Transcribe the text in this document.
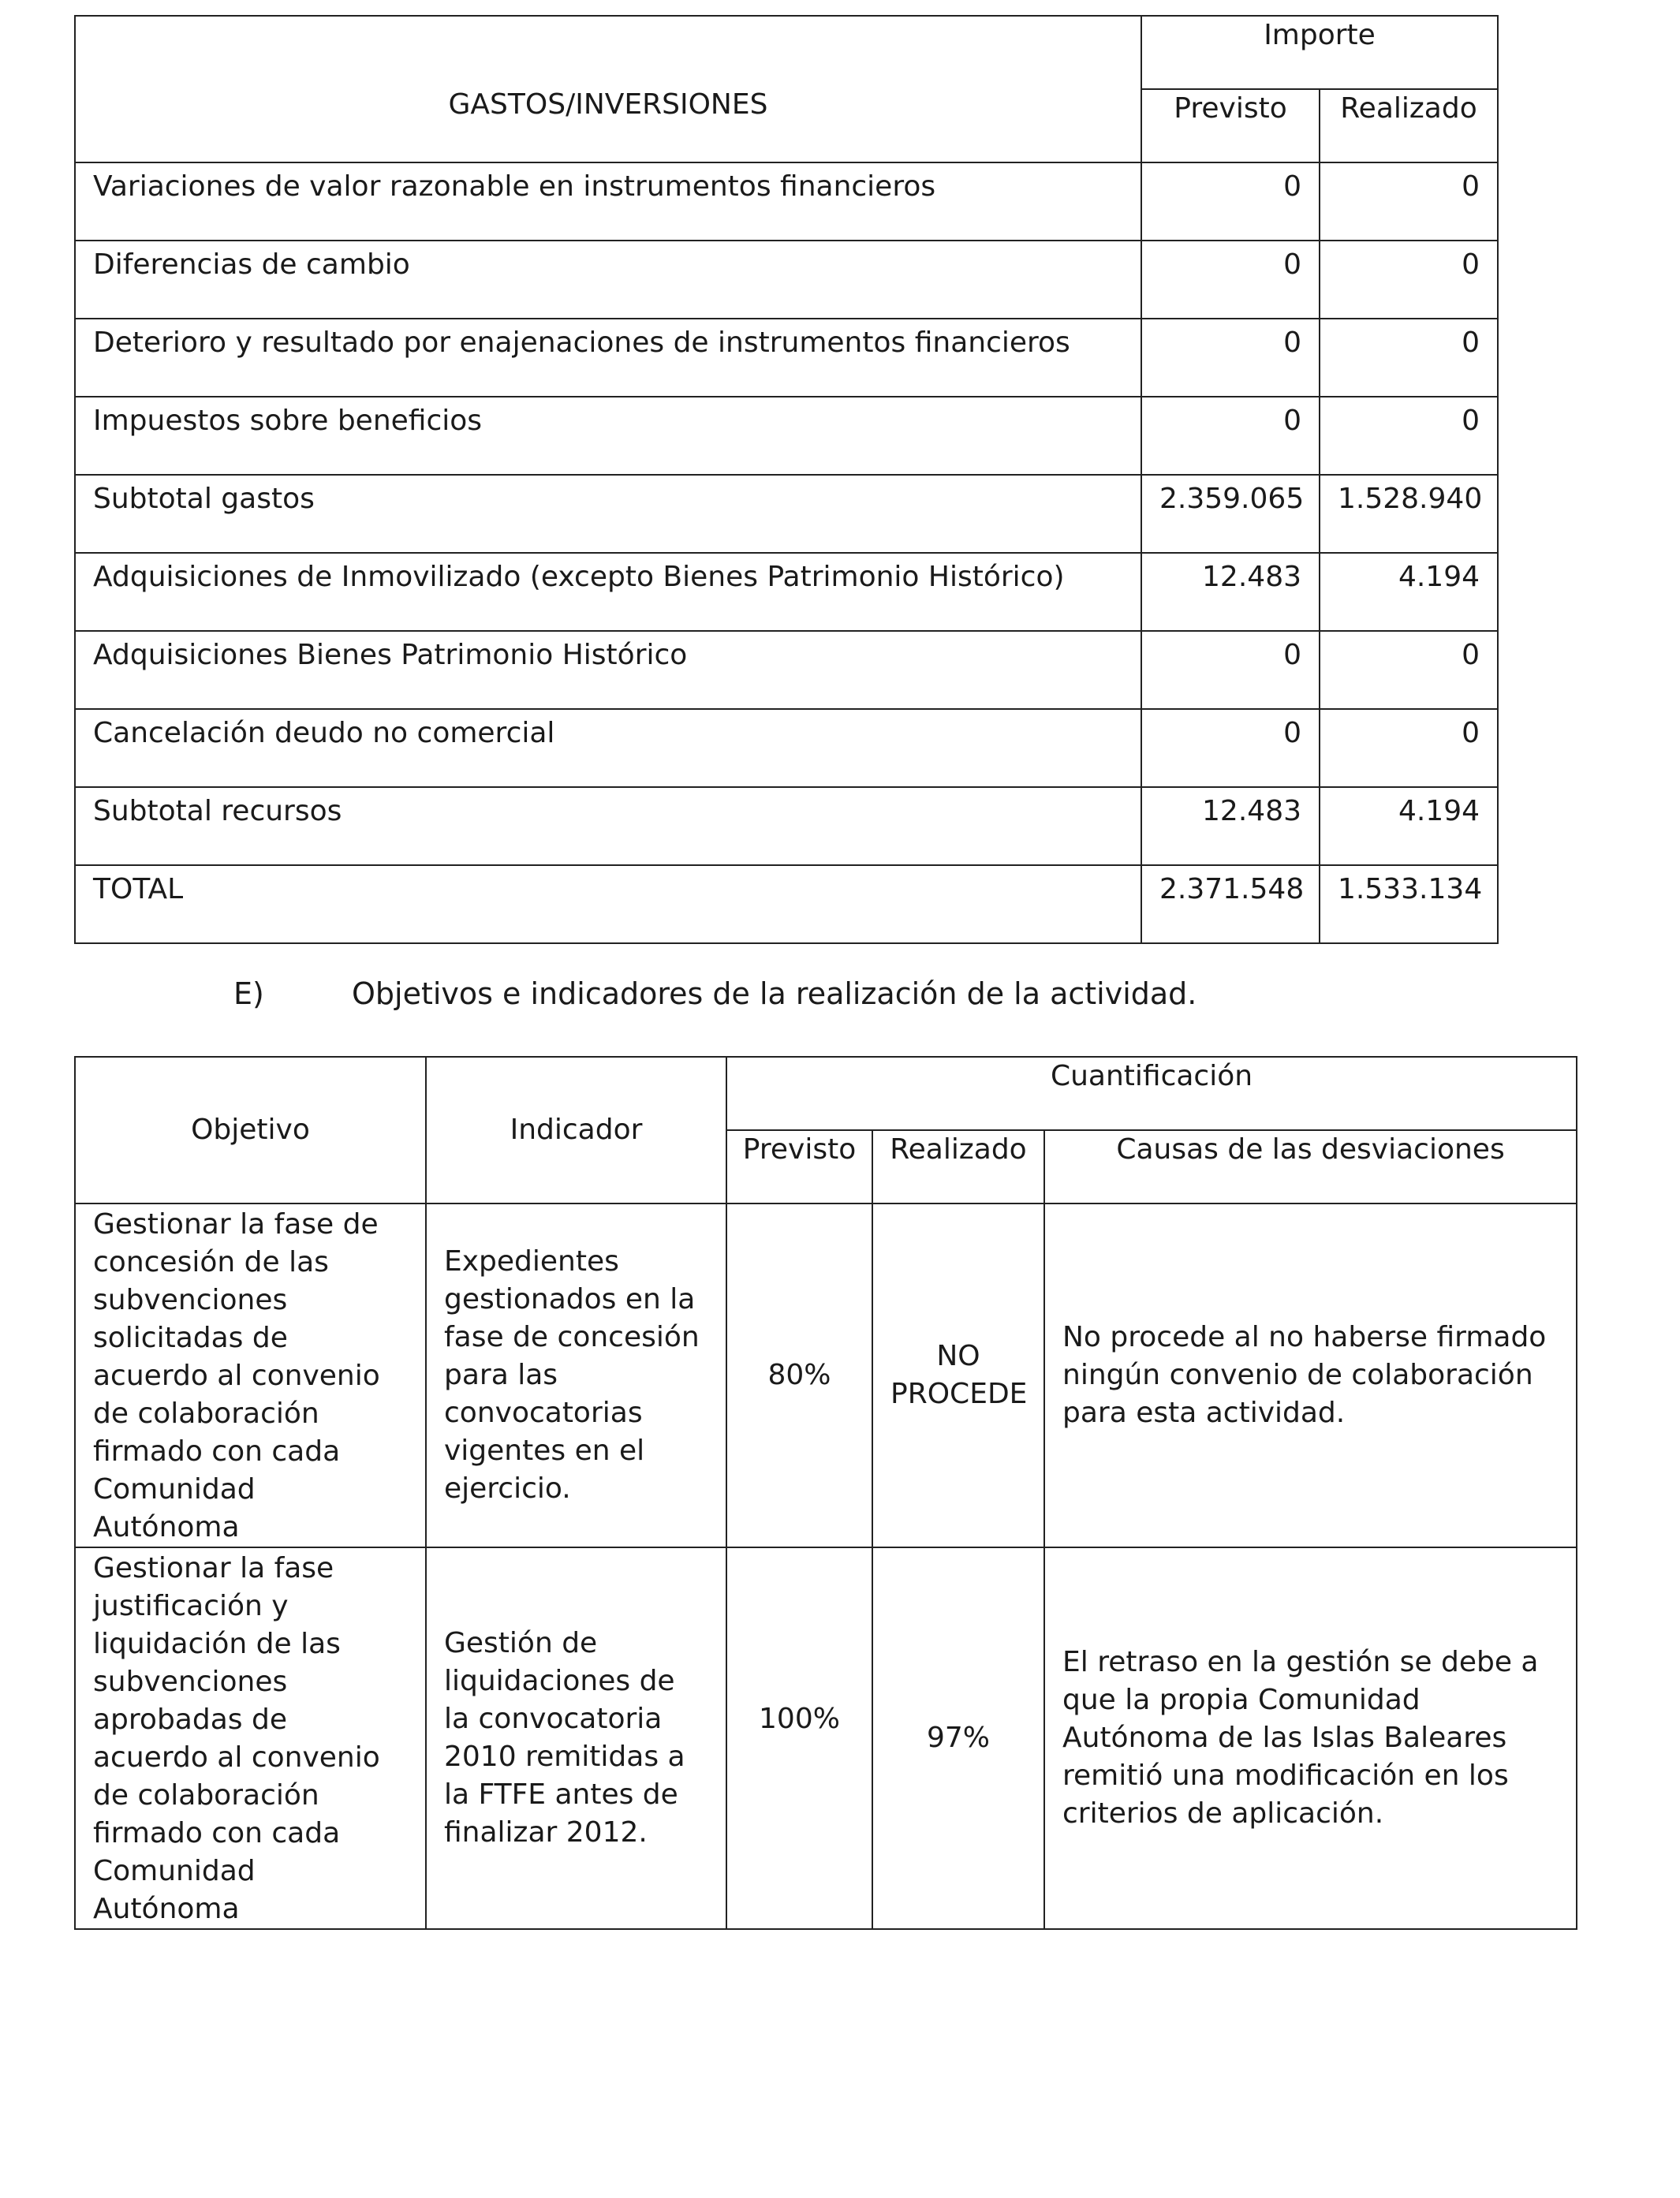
GASTOS/INVERSIONES	Importe	
	Previsto	Realizado
Variaciones de valor razonable en instrumentos financieros	0	0
Diferencias de cambio	0	0
Deterioro y resultado por enajenaciones de instrumentos financieros	0	0
Impuestos sobre beneficios	0	0
Subtotal gastos	2.359.065	1.528.940
Adquisiciones de Inmovilizado (excepto Bienes Patrimonio Histórico)	12.483	4.194
Adquisiciones Bienes Patrimonio Histórico	0	0
Cancelación deudo no comercial	0	0
Subtotal recursos	12.483	4.194
TOTAL	2.371.548	1.533.134
E)	Objetivos e indicadores de la realización de la actividad.
Objetivo	Indicador	Cuantificación		
		Previsto	Realizado	Causas de las desviaciones
Gestionar la fase de concesión de las subvenciones solicitadas de acuerdo al convenio de colaboración firmado con cada Comunidad Autónoma	Expedientes gestionados en la fase de concesión para las convocatorias vigentes en el ejercicio.	80%	NO PROCEDE	No procede al no haberse firmado ningún convenio de colaboración para esta actividad.
Gestionar la fase justificación y liquidación de las subvenciones aprobadas de acuerdo al convenio de colaboración firmado con cada Comunidad Autónoma	Gestión de liquidaciones de la convocatoria 2010 remitidas a la FTFE antes de finalizar 2012.	100%	97%	El retraso en la gestión se debe a que la propia Comunidad Autónoma de las Islas Baleares remitió una modificación en los criterios de aplicación.
